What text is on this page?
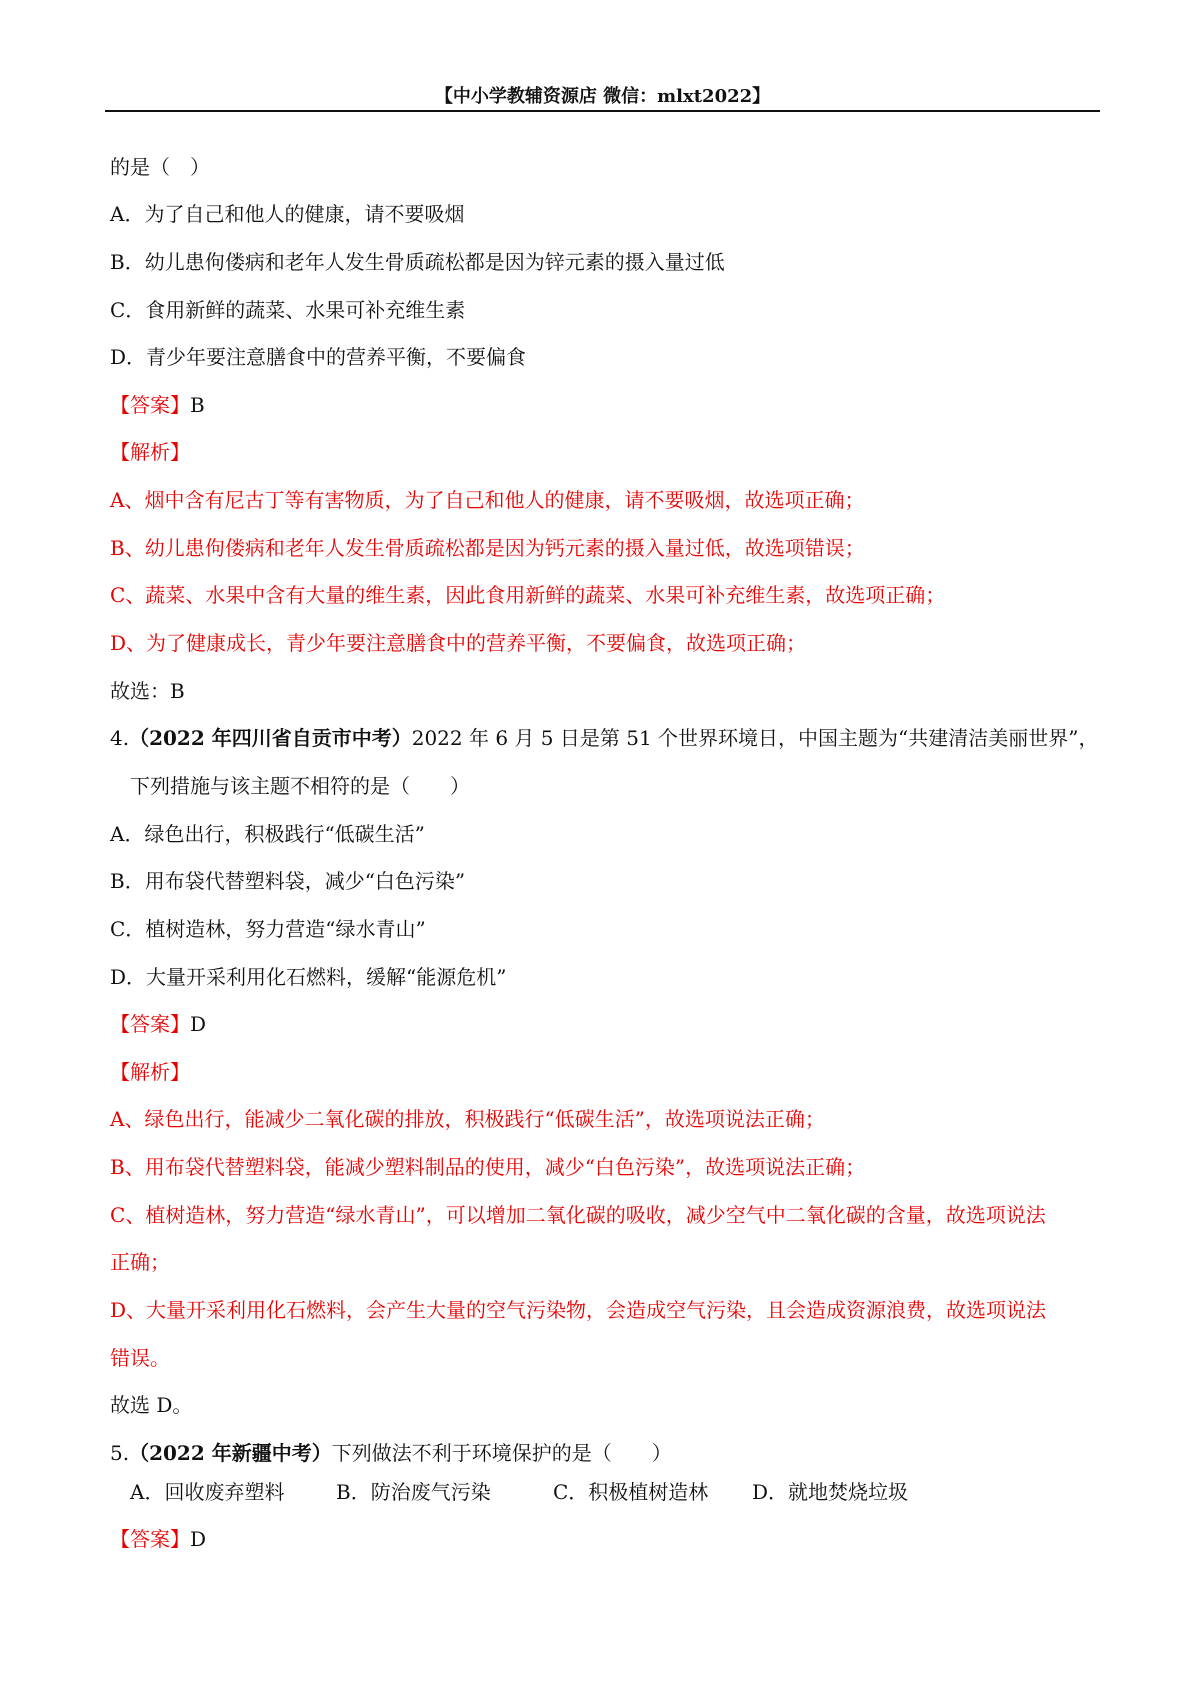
【中小学教辅资源店 微信：mlxt2022】
的是（　）
A．为了自己和他人的健康，请不要吸烟
B．幼儿患佝偻病和老年人发生骨质疏松都是因为锌元素的摄入量过低
C．食用新鲜的蔬菜、水果可补充维生素
D．青少年要注意膳食中的营养平衡，不要偏食
【答案】B
【解析】
A、烟中含有尼古丁等有害物质，为了自己和他人的健康，请不要吸烟，故选项正确；
B、幼儿患佝偻病和老年人发生骨质疏松都是因为钙元素的摄入量过低，故选项错误；
C、蔬菜、水果中含有大量的维生素，因此食用新鲜的蔬菜、水果可补充维生素，故选项正确；
D、为了健康成长，青少年要注意膳食中的营养平衡，不要偏食，故选项正确；
故选：B
4.（2022 年四川省自贡市中考）2022 年 6 月 5 日是第 51 个世界环境日，中国主题为“共建清洁美丽世界”，
下列措施与该主题不相符的是（　　）
A．绿色出行，积极践行“低碳生活”
B．用布袋代替塑料袋，减少“白色污染”
C．植树造林，努力营造“绿水青山”
D．大量开采利用化石燃料，缓解“能源危机”
【答案】D
【解析】
A、绿色出行，能减少二氧化碳的排放，积极践行“低碳生活”，故选项说法正确；
B、用布袋代替塑料袋，能减少塑料制品的使用，减少“白色污染”，故选项说法正确；
C、植树造林，努力营造“绿水青山”，可以增加二氧化碳的吸收，减少空气中二氧化碳的含量，故选项说法
正确；
D、大量开采利用化石燃料，会产生大量的空气污染物，会造成空气污染，且会造成资源浪费，故选项说法
错误。
故选 D。
5.（2022 年新疆中考）下列做法不利于环境保护的是（　　）
A．回收废弃塑料	B．防治废气污染	C．积极植树造林 D．就地焚烧垃圾
【答案】D
